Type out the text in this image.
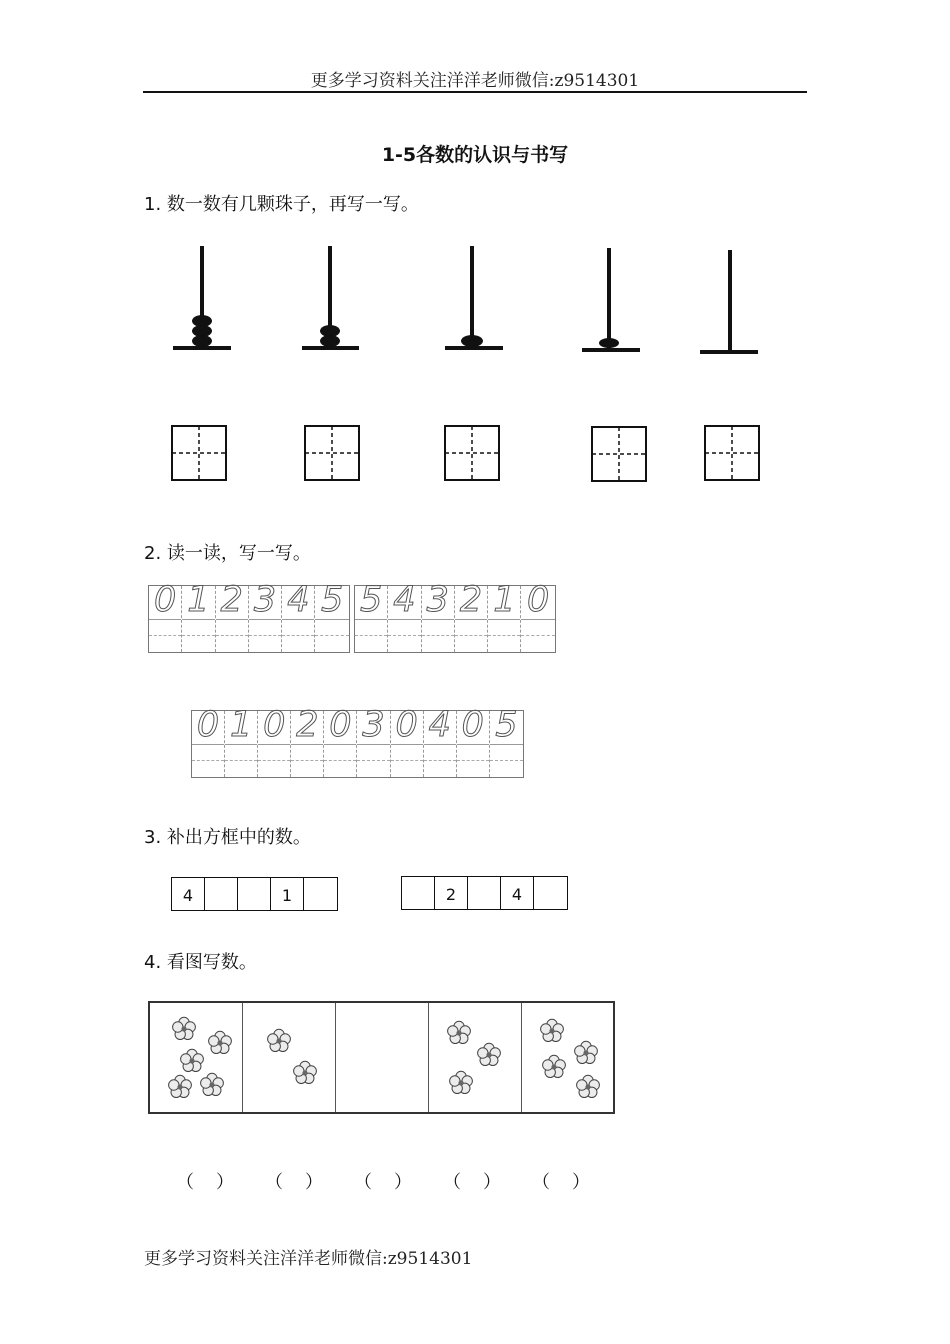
更多学习资料关注洋洋老师微信:z9514301
1-5各数的认识与书写
1. 数一数有几颗珠子，再写一写。
2. 读一读，写一写。
0 1 2 3 4 5 5 4 3 2 1 0
0 1 0 2 0 3 0 4 0 5
3. 补出方框中的数。
4	1	2	4
4. 看图写数。
（ ） （ ） （ ） （ ） （ ）
更多学习资料关注洋洋老师微信:z9514301
